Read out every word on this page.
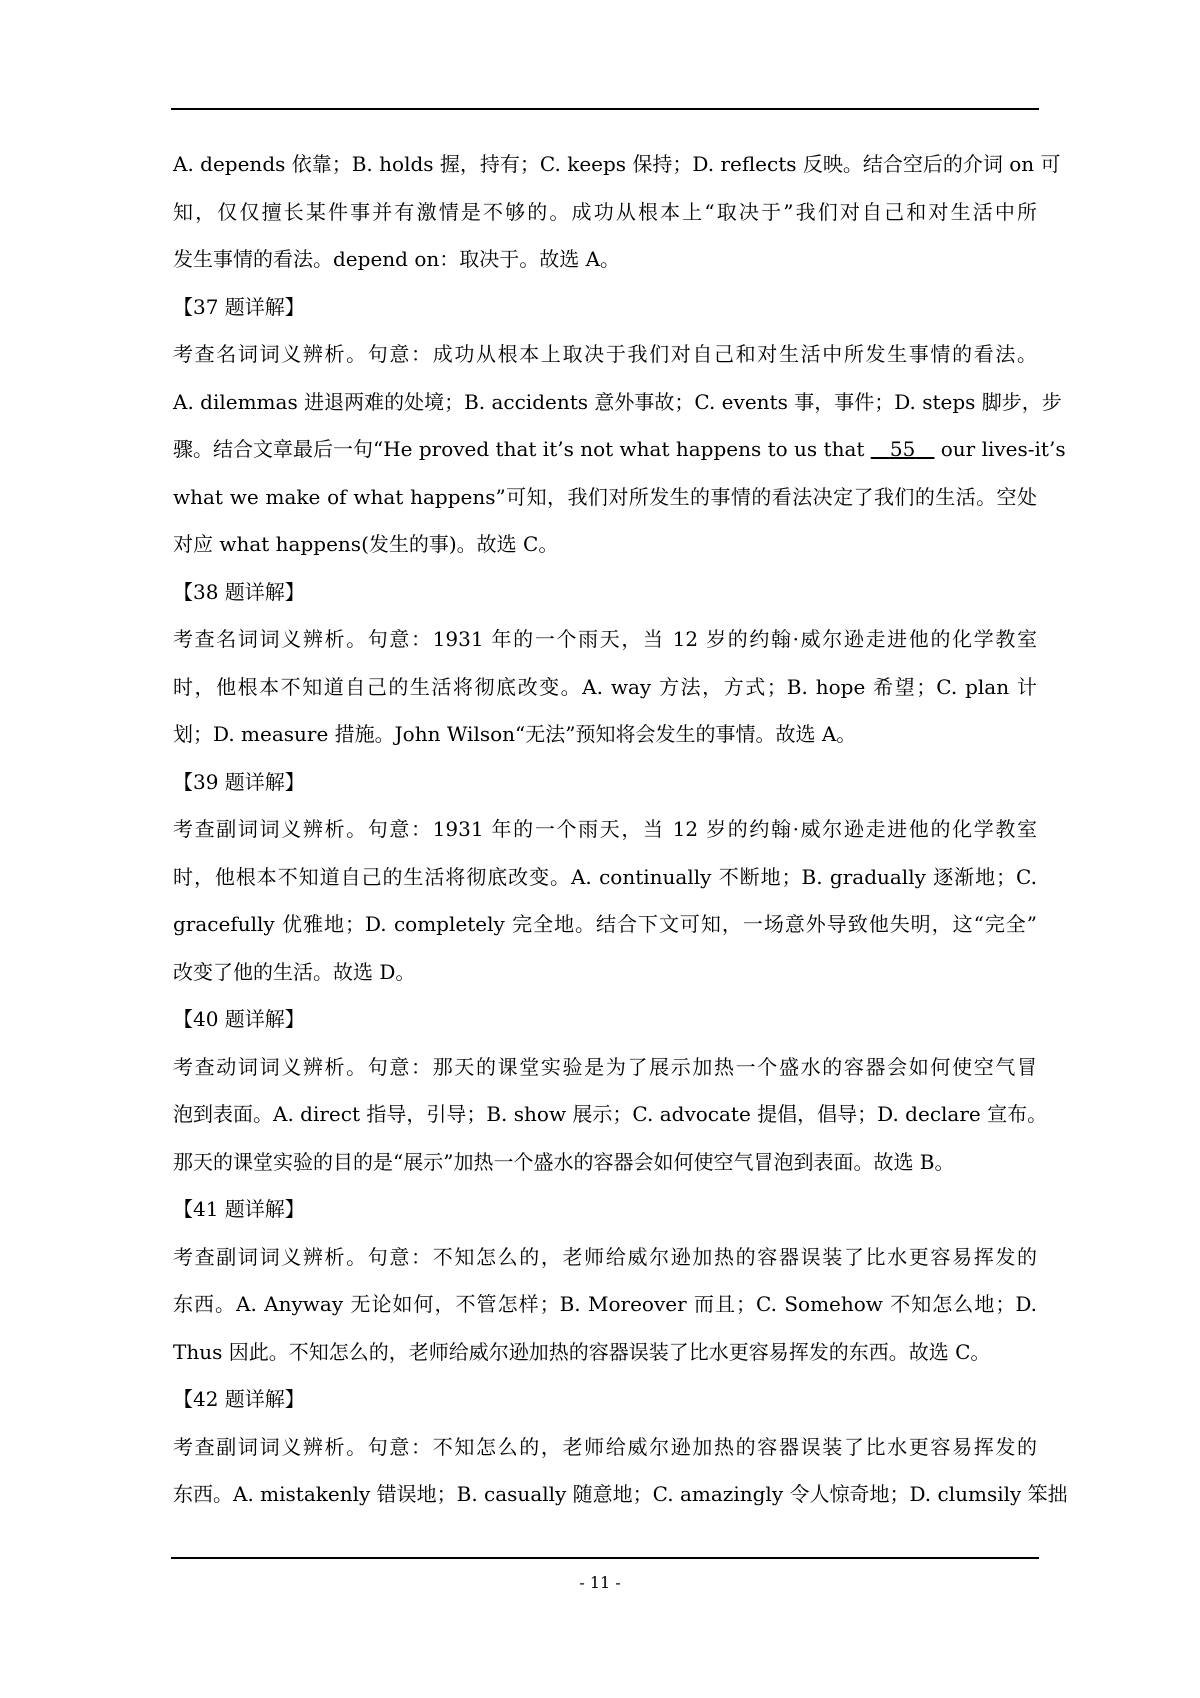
A. depends 依靠；B. holds 握，持有；C. keeps 保持；D. reflects 反映。结合空后的介词 on 可
知，仅仅擅长某件事并有激情是不够的。成功从根本上“取决于”我们对自己和对生活中所
发生事情的看法。depend on：取决于。故选 A。
【37 题详解】
考查名词词义辨析。句意：成功从根本上取决于我们对自己和对生活中所发生事情的看法。
A. dilemmas 进退两难的处境；B. accidents 意外事故；C. events 事，事件；D. steps 脚步，步
骤。结合文章最后一句“He proved that it’s not what happens to us that 55 our lives-it’s
what we make of what happens”可知，我们对所发生的事情的看法决定了我们的生活。空处
对应 what happens(发生的事)。故选 C。
【38 题详解】
考查名词词义辨析。句意：1931 年的一个雨天，当 12 岁的约翰·威尔逊走进他的化学教室
时，他根本不知道自己的生活将彻底改变。A. way 方法，方式；B. hope 希望；C. plan 计
划；D. measure 措施。John Wilson“无法”预知将会发生的事情。故选 A。
【39 题详解】
考查副词词义辨析。句意：1931 年的一个雨天，当 12 岁的约翰·威尔逊走进他的化学教室
时，他根本不知道自己的生活将彻底改变。A. continually 不断地；B. gradually 逐渐地；C.
gracefully 优雅地；D. completely 完全地。结合下文可知，一场意外导致他失明，这“完全”
改变了他的生活。故选 D。
【40 题详解】
考查动词词义辨析。句意：那天的课堂实验是为了展示加热一个盛水的容器会如何使空气冒
泡到表面。A. direct 指导，引导；B. show 展示；C. advocate 提倡，倡导；D. declare 宣布。
那天的课堂实验的目的是“展示”加热一个盛水的容器会如何使空气冒泡到表面。故选 B。
【41 题详解】
考查副词词义辨析。句意：不知怎么的，老师给威尔逊加热的容器误装了比水更容易挥发的
东西。A. Anyway 无论如何，不管怎样；B. Moreover 而且；C. Somehow 不知怎么地；D.
Thus 因此。不知怎么的，老师给威尔逊加热的容器误装了比水更容易挥发的东西。故选 C。
【42 题详解】
考查副词词义辨析。句意：不知怎么的，老师给威尔逊加热的容器误装了比水更容易挥发的
东西。A. mistakenly 错误地；B. casually 随意地；C. amazingly 令人惊奇地；D. clumsily 笨拙
- 11 -
